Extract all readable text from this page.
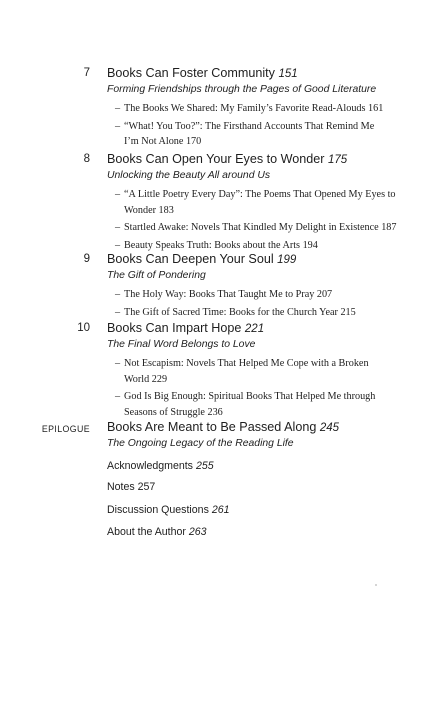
7 Books Can Foster Community 151
Forming Friendships through the Pages of Good Literature
– The Books We Shared: My Family’s Favorite Read-Alouds 161
– “What! You Too?”: The Firsthand Accounts That Remind Me I’m Not Alone 170
8 Books Can Open Your Eyes to Wonder 175
Unlocking the Beauty All around Us
– “A Little Poetry Every Day”: The Poems That Opened My Eyes to Wonder 183
– Startled Awake: Novels That Kindled My Delight in Existence 187
– Beauty Speaks Truth: Books about the Arts 194
9 Books Can Deepen Your Soul 199
The Gift of Pondering
– The Holy Way: Books That Taught Me to Pray 207
– The Gift of Sacred Time: Books for the Church Year 215
10 Books Can Impart Hope 221
The Final Word Belongs to Love
– Not Escapism: Novels That Helped Me Cope with a Broken World 229
– God Is Big Enough: Spiritual Books That Helped Me through Seasons of Struggle 236
EPILOGUE Books Are Meant to Be Passed Along 245
The Ongoing Legacy of the Reading Life
Acknowledgments 255
Notes 257
Discussion Questions 261
About the Author 263
